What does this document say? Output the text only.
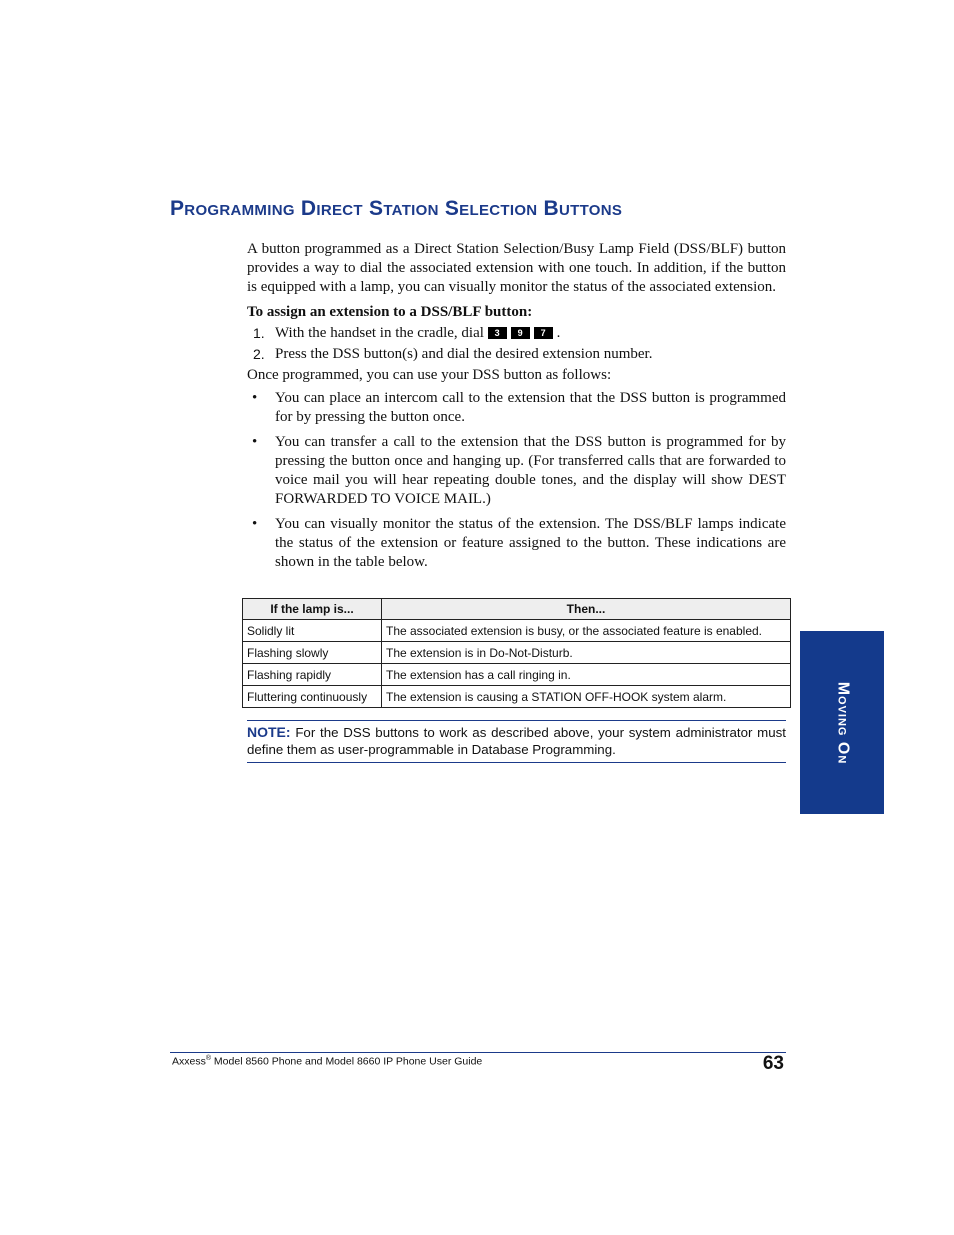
Programming Direct Station Selection Buttons

A button programmed as a Direct Station Selection/Busy Lamp Field (DSS/BLF) button provides a way to dial the associated extension with one touch. In addition, if the button is equipped with a lamp, you can visually monitor the status of the associated extension.

To assign an extension to a DSS/BLF button:

1. With the handset in the cradle, dial 3 9 7 .
2. Press the DSS button(s) and dial the desired extension number.

Once programmed, you can use your DSS button as follows:

• You can place an intercom call to the extension that the DSS button is programmed for by pressing the button once.
• You can transfer a call to the extension that the DSS button is programmed for by pressing the button once and hanging up. (For transferred calls that are forwarded to voice mail you will hear repeating double tones, and the display will show DEST FORWARDED TO VOICE MAIL.)
• You can visually monitor the status of the extension. The DSS/BLF lamps indicate the status of the extension or feature assigned to the button. These indications are shown in the table below.
If the lamp is...	Then...
Solidly lit	The associated extension is busy, or the associated feature is enabled.
Flashing slowly	The extension is in Do-Not-Disturb.
Flashing rapidly	The extension has a call ringing in.
Fluttering continuously	The extension is causing a STATION OFF-HOOK system alarm.
NOTE: For the DSS buttons to work as described above, your system administrator must define them as user-programmable in Database Programming.	Moving On
Axxess® Model 8560 Phone and Model 8660 IP Phone User Guide	63
